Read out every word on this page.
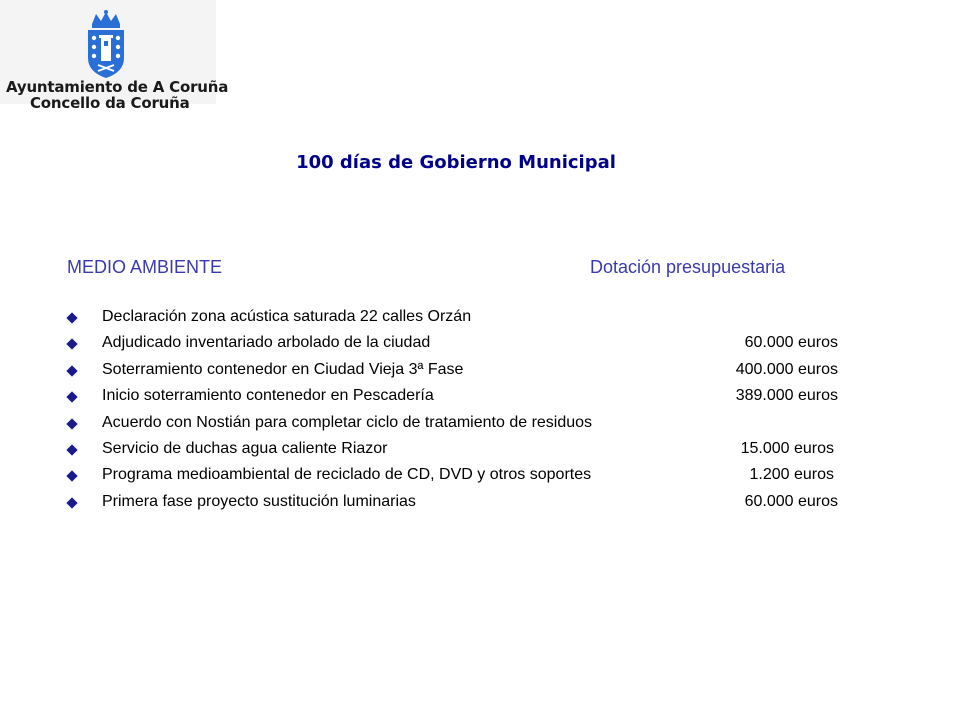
Ayuntamiento de A Coruña
Concello da Coruña
100 días de Gobierno Municipal
MEDIO AMBIENTE	Dotación presupuestaria
Declaración zona acústica saturada 22 calles Orzán
Adjudicado inventariado arbolado de la ciudad	60.000 euros
Soterramiento contenedor en Ciudad Vieja 3ª Fase	400.000 euros
Inicio soterramiento contenedor en Pescadería	389.000 euros
Acuerdo con Nostián para completar ciclo de tratamiento de residuos
Servicio de duchas agua caliente Riazor	15.000 euros
Programa medioambiental de reciclado de CD, DVD y otros soportes	1.200 euros
Primera fase proyecto sustitución luminarias	60.000 euros
